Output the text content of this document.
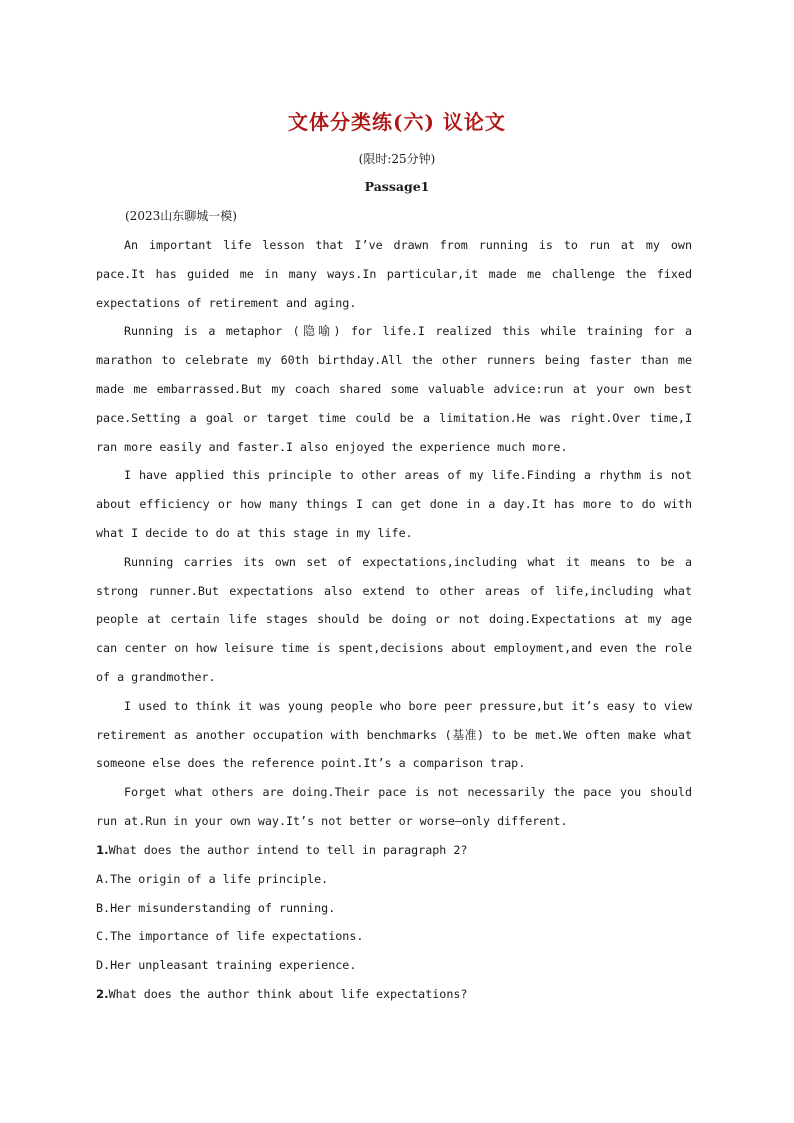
文体分类练(六) 议论文
(限时:25分钟)
Passage1
(2023山东聊城一模)

An important life lesson that I’ve drawn from running is to run at my own pace.It has guided me in many ways.In particular,it made me challenge the fixed expectations of retirement and aging.

Running is a metaphor (隐喻) for life.I realized this while training for a marathon to celebrate my 60th birthday.All the other runners being faster than me made me embarrassed.But my coach shared some valuable advice:run at your own best pace.Setting a goal or target time could be a limitation.He was right.Over time,I ran more easily and faster.I also enjoyed the experience much more.

I have applied this principle to other areas of my life.Finding a rhythm is not about efficiency or how many things I can get done in a day.It has more to do with what I decide to do at this stage in my life.

Running carries its own set of expectations,including what it means to be a strong runner.But expectations also extend to other areas of life,including what people at certain life stages should be doing or not doing.Expectations at my age can center on how leisure time is spent,decisions about employment,and even the role of a grandmother.

I used to think it was young people who bore peer pressure,but it’s easy to view retirement as another occupation with benchmarks (基准) to be met.We often make what someone else does the reference point.It’s a comparison trap.

Forget what others are doing.Their pace is not necessarily the pace you should run at.Run in your own way.It’s not better or worse—only different.

1.What does the author intend to tell in paragraph 2?
A.The origin of a life principle.
B.Her misunderstanding of running.
C.The importance of life expectations.
D.Her unpleasant training experience.
2.What does the author think about life expectations?
